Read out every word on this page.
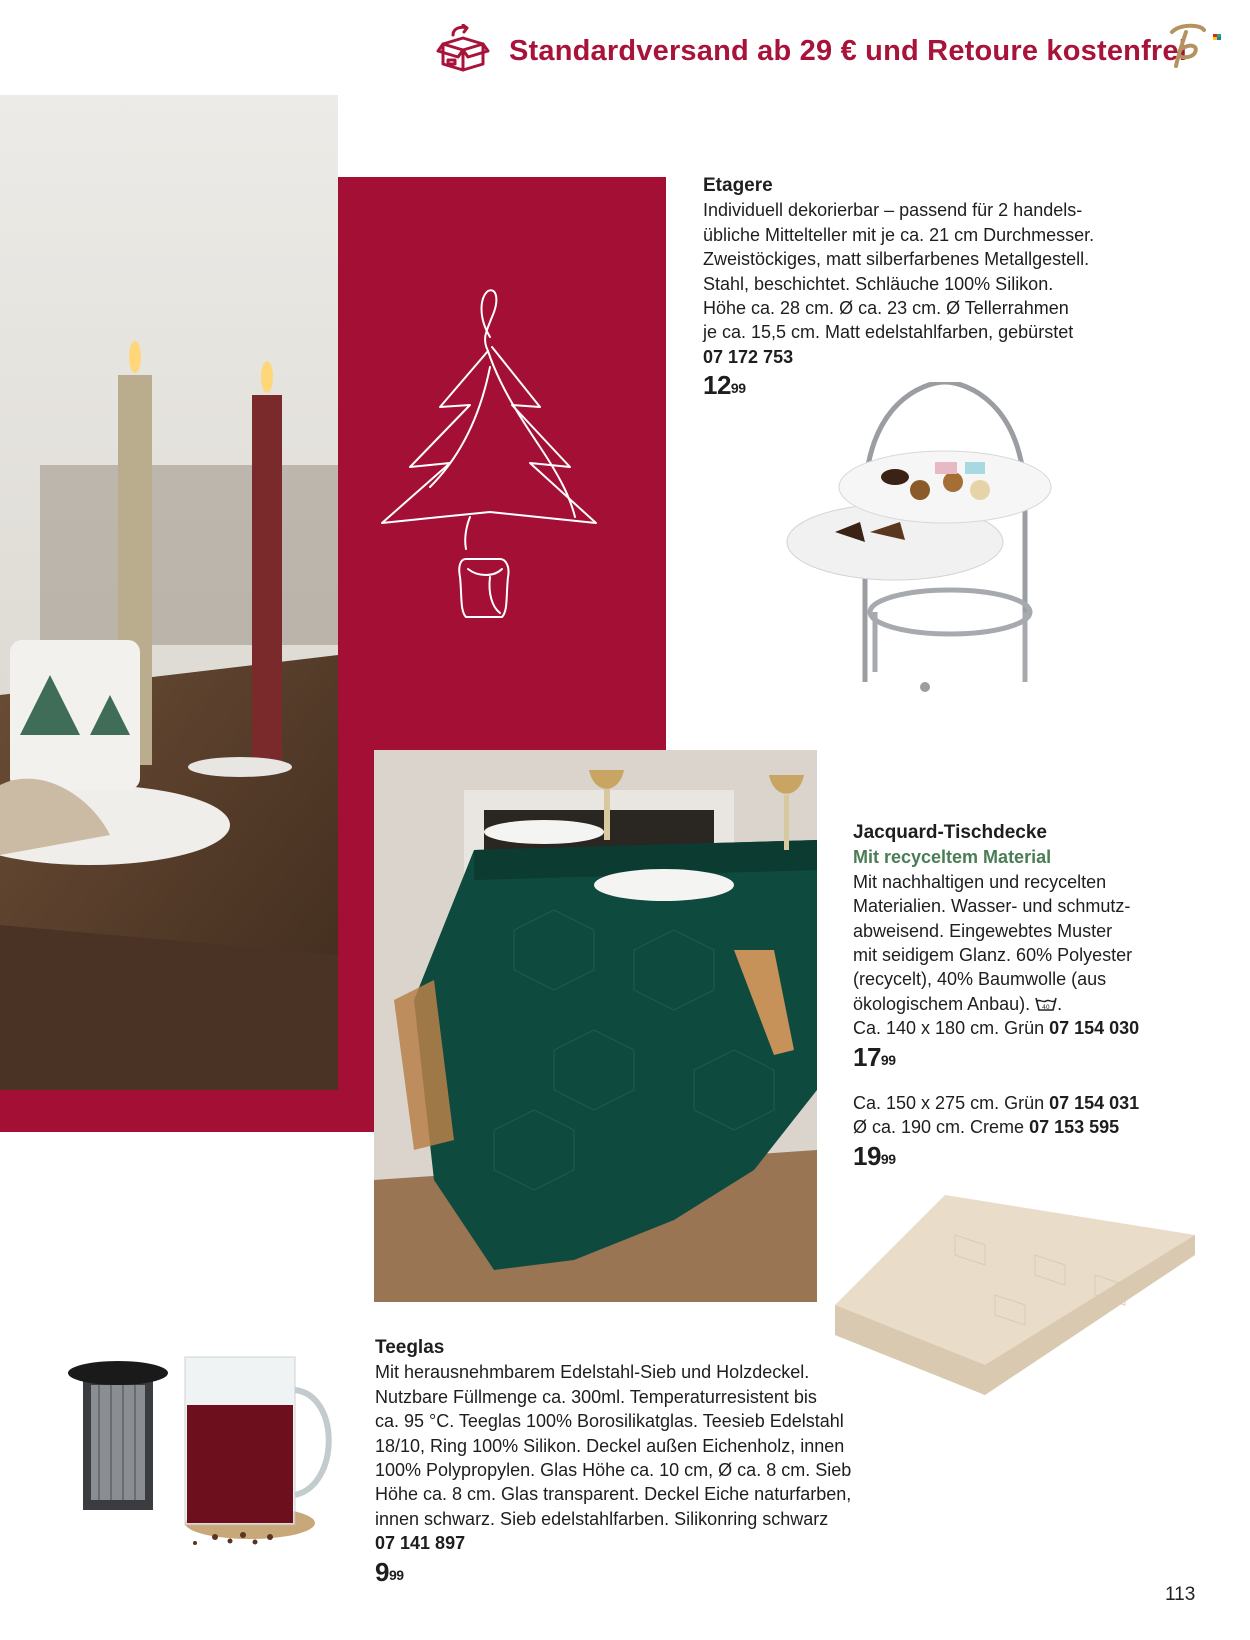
Standardversand ab 29 € und Retoure kostenfrei

Etagere

Individuell dekorierbar – passend für 2 handels-

übliche Mittelteller mit je ca. 21 cm Durchmesser.

Zweistöckiges, matt silberfarbenes Metallgestell.

Stahl, beschichtet. Schläuche 100% Silikon.

Höhe ca. 28 cm. Ø ca. 23 cm. Ø Tellerrahmen

je ca. 15,5 cm. Matt edelstahlfarben, gebürstet

07 172 753

$12^{99}$

Jacquard-Tischdecke

Mit recyceltem Material

Mit nachhaltigen und recycelten

Materialien. Wasser- und schmutz-

abweisend. Eingewebtes Muster

mit seidigem Glanz. 60% Polyester

(recycelt), 40% Baumwolle (aus

ökologischem Anbau). 40 .

Ca. 140 x 180 cm. Grün 07 154 030

$17^{99}$

Ca. 150 x 275 cm. Grün 07 154 031

Ø ca. 190 cm. Creme 07 153 595

$19^{99}$

Teeglas

Mit herausnehmbarem Edelstahl-Sieb und Holzdeckel.

Nutzbare Füllmenge ca. 300ml. Temperaturresistent bis

ca. 95 °C. Teeglas 100% Borosilikatglas. Teesieb Edelstahl

18/10, Ring 100% Silikon. Deckel außen Eichenholz, innen

100% Polypropylen. Glas Höhe ca. 10 cm, Ø ca. 8 cm. Sieb

Höhe ca. 8 cm. Glas transparent. Deckel Eiche naturfarben,

innen schwarz. Sieb edelstahlfarben. Silikonring schwarz

07 141 897

$9^{99}$
113
